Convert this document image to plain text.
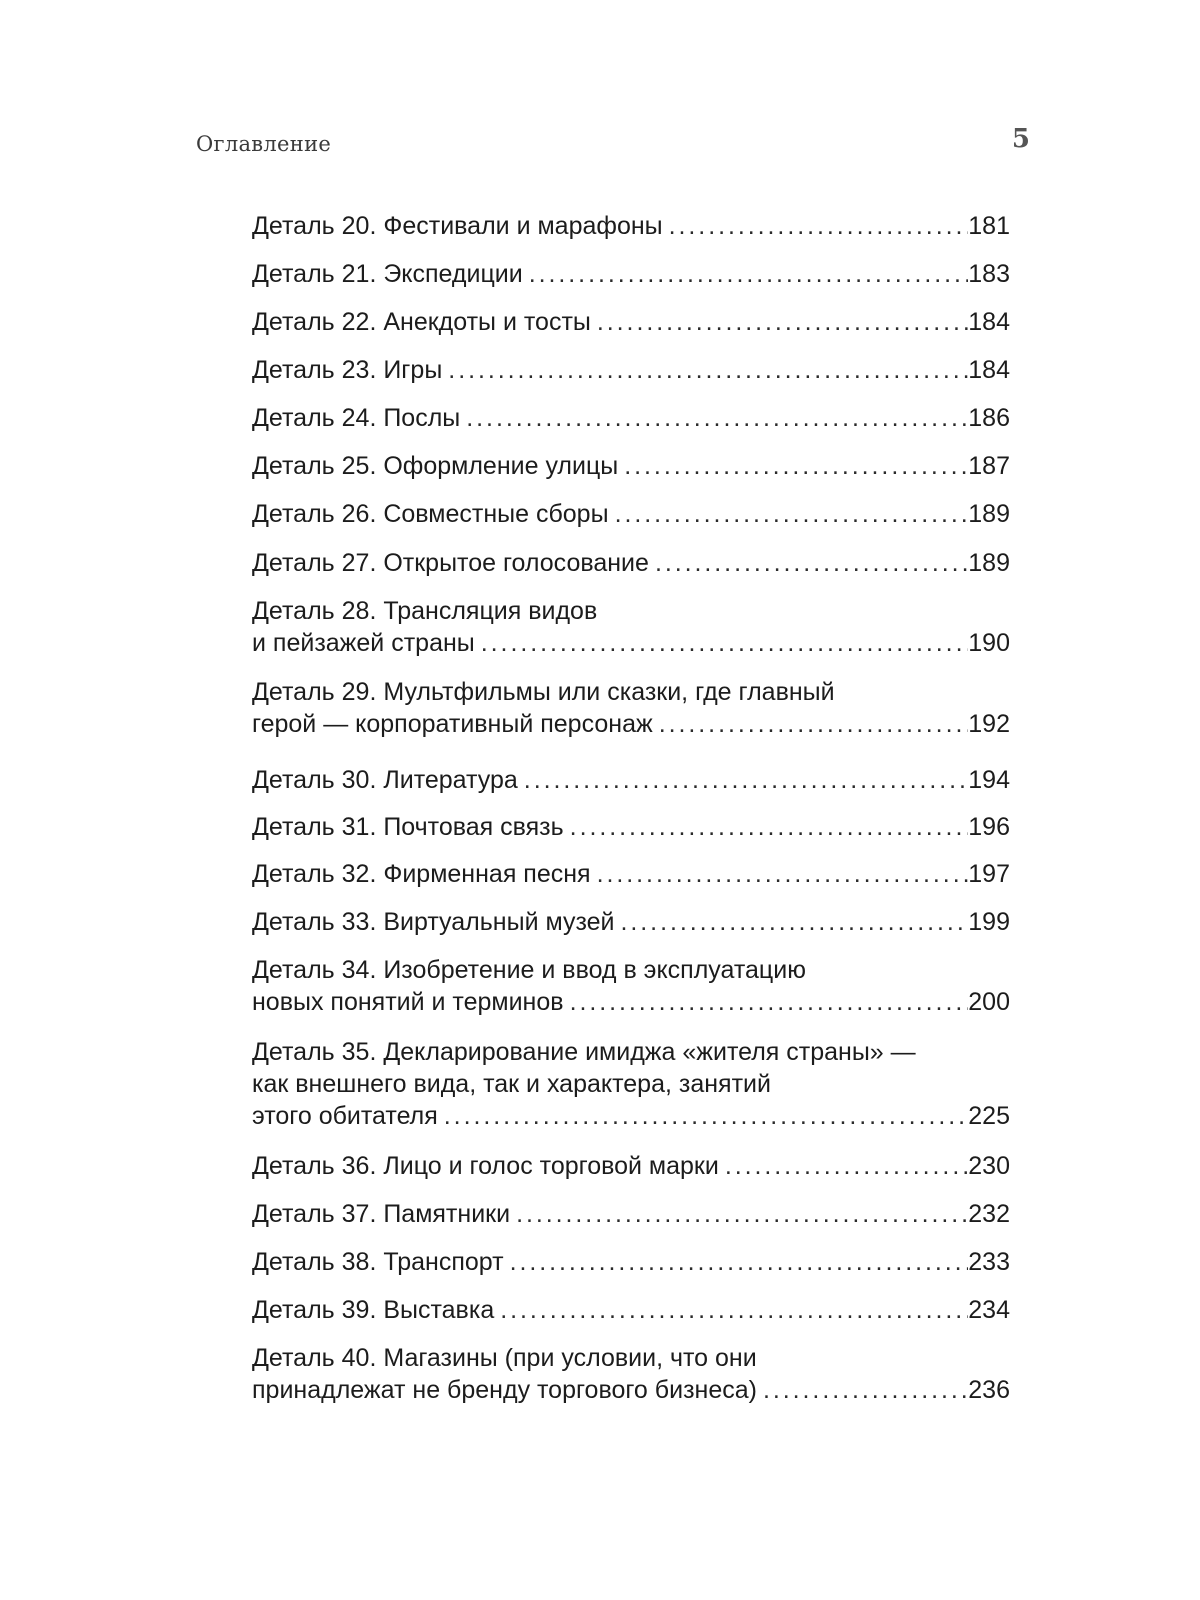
Оглавление	5
Деталь 20. Фестивали и марафоны . . .	181
Деталь 21. Экспедиции . . .	183
Деталь 22. Анекдоты и тосты . . .	184
Деталь 23. Игры . . .	184
Деталь 24. Послы . . .	186
Деталь 25. Оформление улицы . . .	187
Деталь 26. Совместные сборы . . .	189
Деталь 27. Открытое голосование . . .	189
Деталь 28. Трансляция видов
и пейзажей страны . . .	190
Деталь 29. Мультфильмы или сказки, где главный
герой — корпоративный персонаж . . .	192
Деталь 30. Литература . . .	194
Деталь 31. Почтовая связь . . .	196
Деталь 32. Фирменная песня . . .	197
Деталь 33. Виртуальный музей . . .	199
Деталь 34. Изобретение и ввод в эксплуатацию
новых понятий и терминов . . .	200
Деталь 35. Декларирование имиджа «жителя страны» —
как внешнего вида, так и характера, занятий
этого обитателя . . .	225
Деталь 36. Лицо и голос торговой марки . . .	230
Деталь 37. Памятники . . .	232
Деталь 38. Транспорт . . .	233
Деталь 39. Выставка . . .	234
Деталь 40. Магазины (при условии, что они
принадлежат не бренду торгового бизнеса) . . .	236
